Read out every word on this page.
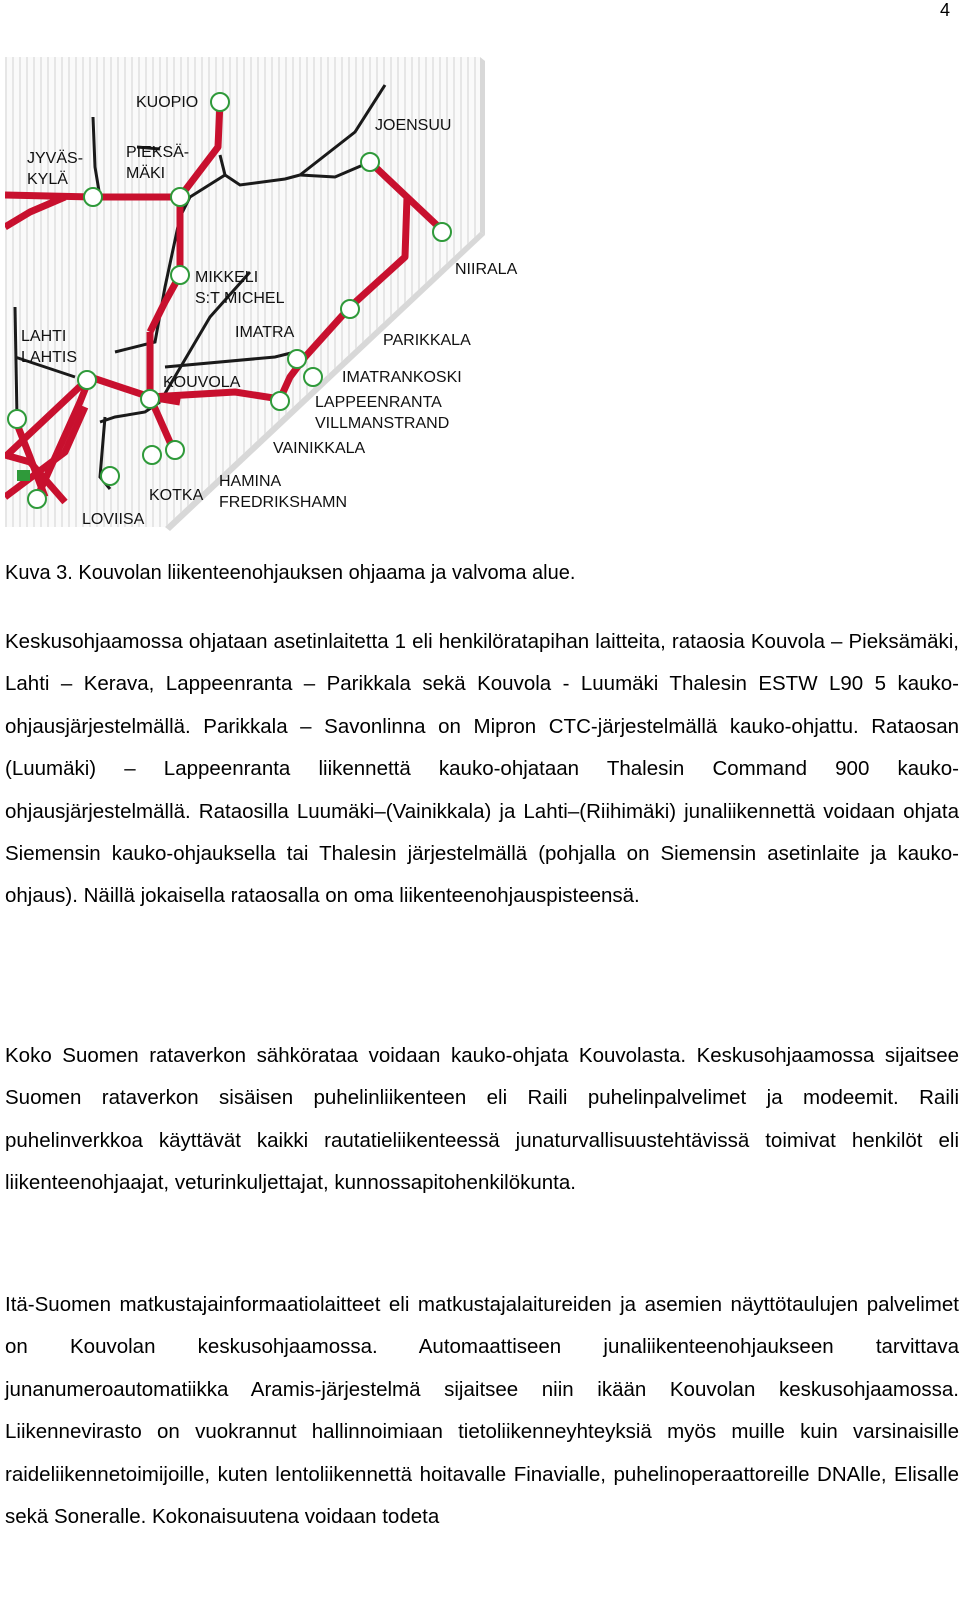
4
KUOPIO
JOENSUU
JYVÄS-
KYLÄ
PIEKSÄ-
MÄKI
NIIRALA
MIKKELI
S:T MICHEL
IMATRA	PARIKKALA
LAHTI
LAHTIS
KOUVOLA	IMATRANKOSKI
LAPPEENRANTA
VILLMANSTRAND
VAINIKKALA
HAMINA
FREDRIKSHAMN
KOTKA
LOVIISA
Kuva 3. Kouvolan liikenteenohjauksen ohjaama ja valvoma alue.

Keskusohjaamossa ohjataan asetinlaitetta 1 eli henkilöratapihan laitteita, rataosia Kouvola – Pieksämäki, Lahti – Kerava, Lappeenranta – Parikkala sekä Kouvola - Luumäki Thalesin ESTW L90 5 kauko-ohjausjärjestelmällä. Parikkala – Savonlinna on Mipron CTC-järjestelmällä kauko-ohjattu. Rataosan (Luumäki) – Lappeenranta liikennettä kauko-ohjataan Thalesin Command 900 kauko-ohjausjärjestelmällä. Rataosilla Luumäki–(Vainikkala) ja Lahti–(Riihimäki) junaliikennettä voidaan ohjata Siemensin kauko-ohjauksella tai Thalesin järjestelmällä (pohjalla on Siemensin asetinlaite ja kauko-ohjaus). Näillä jokaisella rataosalla on oma liikenteenohjauspisteensä.

Koko Suomen rataverkon sähkörataa voidaan kauko-ohjata Kouvolasta. Keskusohjaamossa sijaitsee Suomen rataverkon sisäisen puhelinliikenteen eli Raili puhelinpalvelimet ja modeemit. Raili puhelinverkkoa käyttävät kaikki rautatieliikenteessä junaturvallisuustehtävissä toimivat henkilöt eli liikenteenohjaajat, veturinkuljettajat, kunnossapitohenkilökunta.

Itä-Suomen matkustajainformaatiolaitteet eli matkustajalaitureiden ja asemien näyttötaulujen palvelimet on Kouvolan keskusohjaamossa. Automaattiseen junaliikenteenohjaukseen tarvittava junanumeroautomatiikka Aramis-järjestelmä sijaitsee niin ikään Kouvolan keskusohjaamossa. Liikennevirasto on vuokrannut hallinnoimiaan tietoliikenneyhteyksiä myös muille kuin varsinaisille raideliikennetoimijoille, kuten lentoliikennettä hoitavalle Finavialle, puhelinoperaattoreille DNAlle, Elisalle sekä Soneralle. Kokonaisuutena voidaan todeta
